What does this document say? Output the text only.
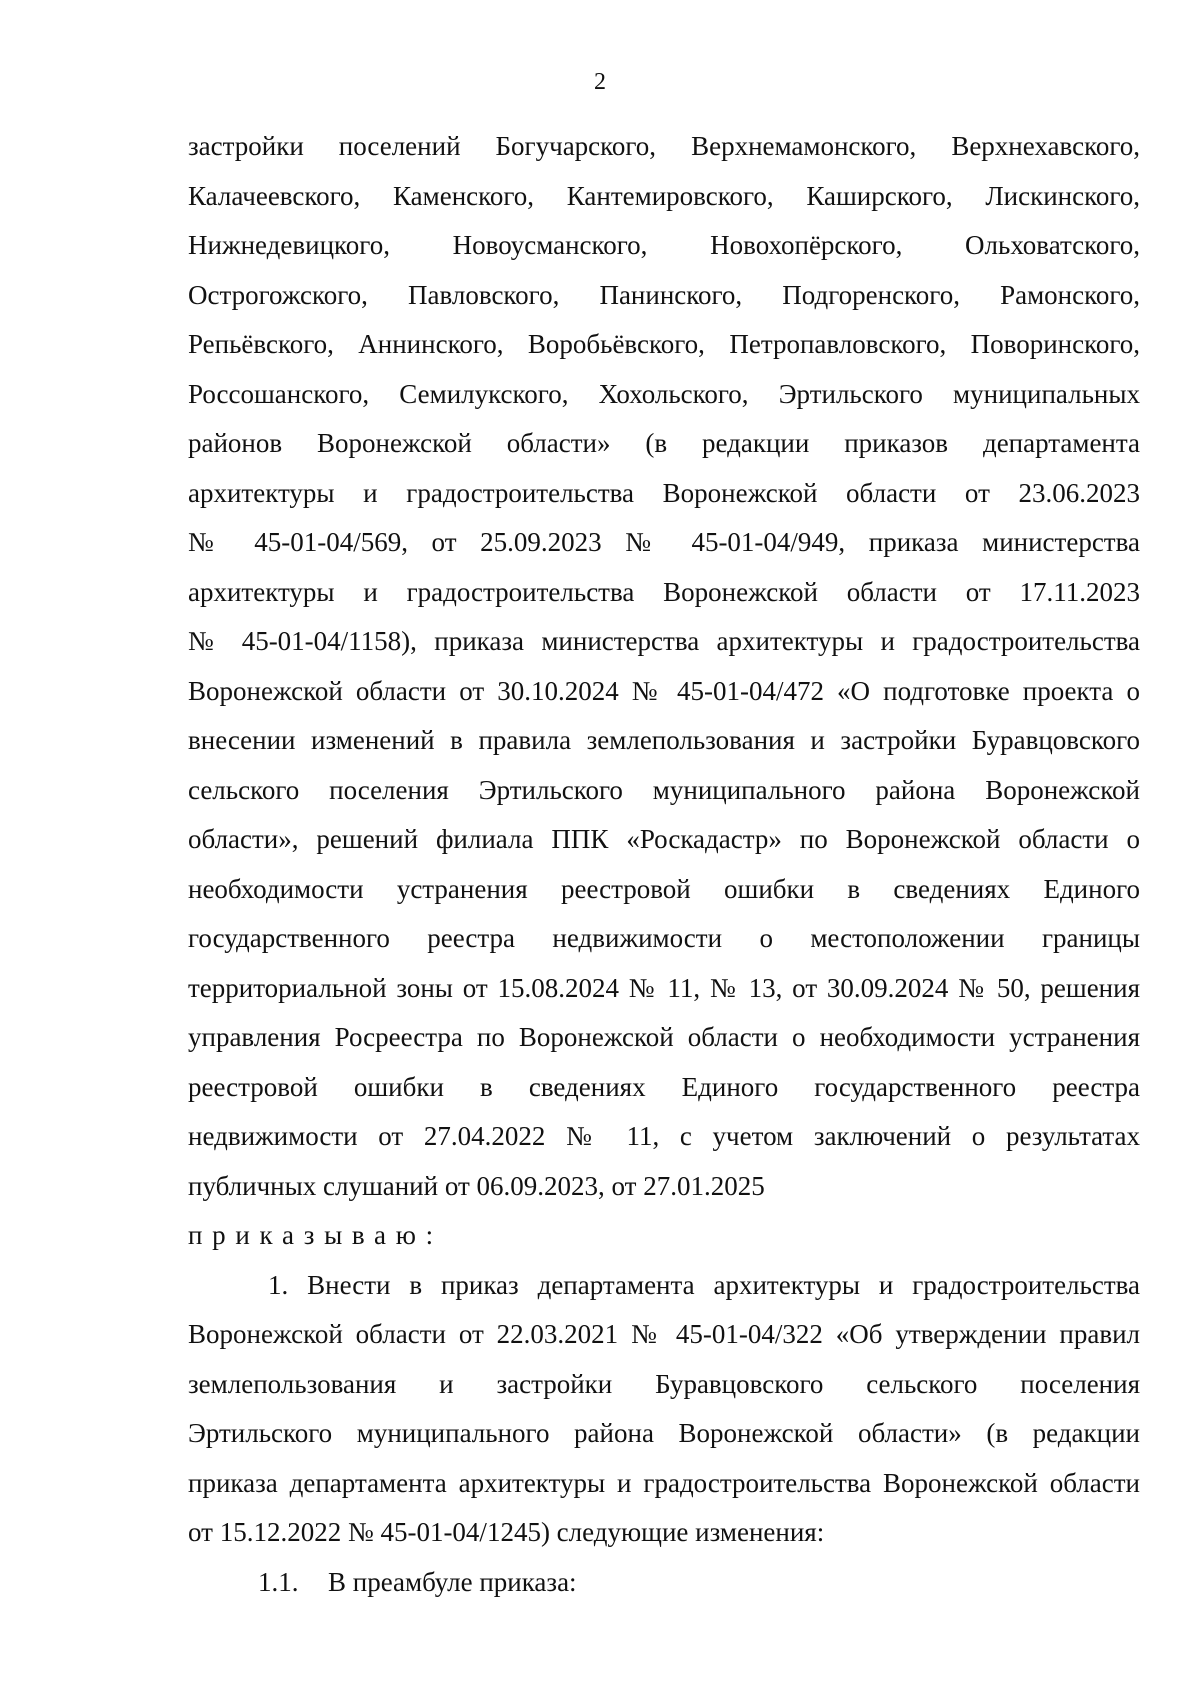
2
застройки поселений Богучарского, Верхнемамонского, Верхнехавского,
Калачеевского, Каменского, Кантемировского, Каширского, Лискинского,
Нижнедевицкого, Новоусманского, Новохопёрского, Ольховатского,
Острогожского, Павловского, Панинского, Подгоренского, Рамонского,
Репьёвского, Аннинского, Воробьёвского, Петропавловского, Поворинского,
Россошанского, Семилукского, Хохольского, Эртильского муниципальных
районов Воронежской области» (в редакции приказов департамента
архитектуры и градостроительства Воронежской области от 23.06.2023
№ 45-01-04/569, от 25.09.2023 № 45-01-04/949, приказа министерства
архитектуры и градостроительства Воронежской области от 17.11.2023
№ 45-01-04/1158), приказа министерства архитектуры и градостроительства
Воронежской области от 30.10.2024 № 45-01-04/472 «О подготовке проекта о
внесении изменений в правила землепользования и застройки Буравцовского
сельского поселения Эртильского муниципального района Воронежской
области», решений филиала ППК «Роскадастр» по Воронежской области о
необходимости устранения реестровой ошибки в сведениях Единого
государственного реестра недвижимости о местоположении границы
территориальной зоны от 15.08.2024 № 11, № 13, от 30.09.2024 № 50, решения
управления Росреестра по Воронежской области о необходимости устранения
реестровой ошибки в сведениях Единого государственного реестра
недвижимости от 27.04.2022 № 11, с учетом заключений о результатах
публичных слушаний от 06.09.2023, от 27.01.2025
приказываю:
1. Внести в приказ департамента архитектуры и градостроительства
Воронежской области от 22.03.2021 № 45-01-04/322 «Об утверждении правил
землепользования и застройки Буравцовского сельского поселения
Эртильского муниципального района Воронежской области» (в редакции
приказа департамента архитектуры и градостроительства Воронежской области
от 15.12.2022 № 45-01-04/1245) следующие изменения:
1.1. В преамбуле приказа:
